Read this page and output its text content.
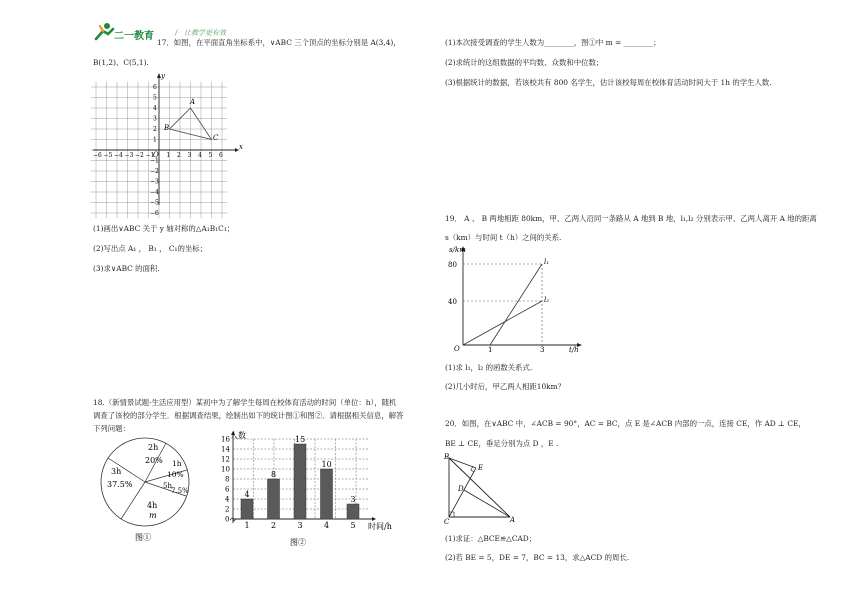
二一教育	/ 让教学更有效
17．如图，在平面直角坐标系中，∨ABC 三个顶点的坐标分别是 A(3,4)，
B(1,2)、C(5,1).
−6 −5 −4 −3 −2 −1 1 2 3 4 5 6
6
5
4
3
2
1
−1
−2
−3
−4
−5
−6
O
x
y
A
B
C
(1)画出∨ABC 关于 y 轴对称的△A₁B₁C₁；
(2)写出点 A₁ ， B₁ ， C₁的坐标；
(3)求∨ABC 的面积.
18.（新情景试题·生活应用型）某初中为了解学生每周在校体育活动的时间（单位：h），随机
调查了该校的部分学生．根据调查结果，绘制出如下的统计图①和图②．请根据相关信息，解答
下列问题：
2h
20% 1h
10%
5h
7.5%
3h
37.5%
4h
m
图①
4
8
15
10
3
1	2	3	4	5
16
14
12
10
8
6
4
2
0
人数
时间/h
图②
(1)本次接受调查的学生人数为________，图①中 m = ________；
(2)求统计的这组数据的平均数、众数和中位数；
(3)根据统计的数据，若该校共有 800 名学生，估计该校每周在校体育活动时间大于 1h 的学生人数.
19． A 、 B 两地相距 80km，甲、乙两人沿同一条路从 A 地到 B 地，l₁,l₂ 分别表示甲、乙两人离开 A 地的距离
s（km）与时间 t（h）之间的关系.
s/km
t/h
O
80
40
1	3
l₁
l₂
(1)求 l₁，l₂ 的函数关系式.
(2)几小时后，甲乙两人相距10km？
20．如图，在∨ABC 中，∠ACB = 90°，AC = BC，点 E 是∠ACB 内部的一点，连接 CE，作 AD ⊥ CE，
BE ⊥ CE，垂足分别为点 D ，E .
B
E
D
C	A
(1)求证：△BCE≌△CAD；
(2)若 BE = 5，DE = 7，BC = 13，求△ACD 的周长.
